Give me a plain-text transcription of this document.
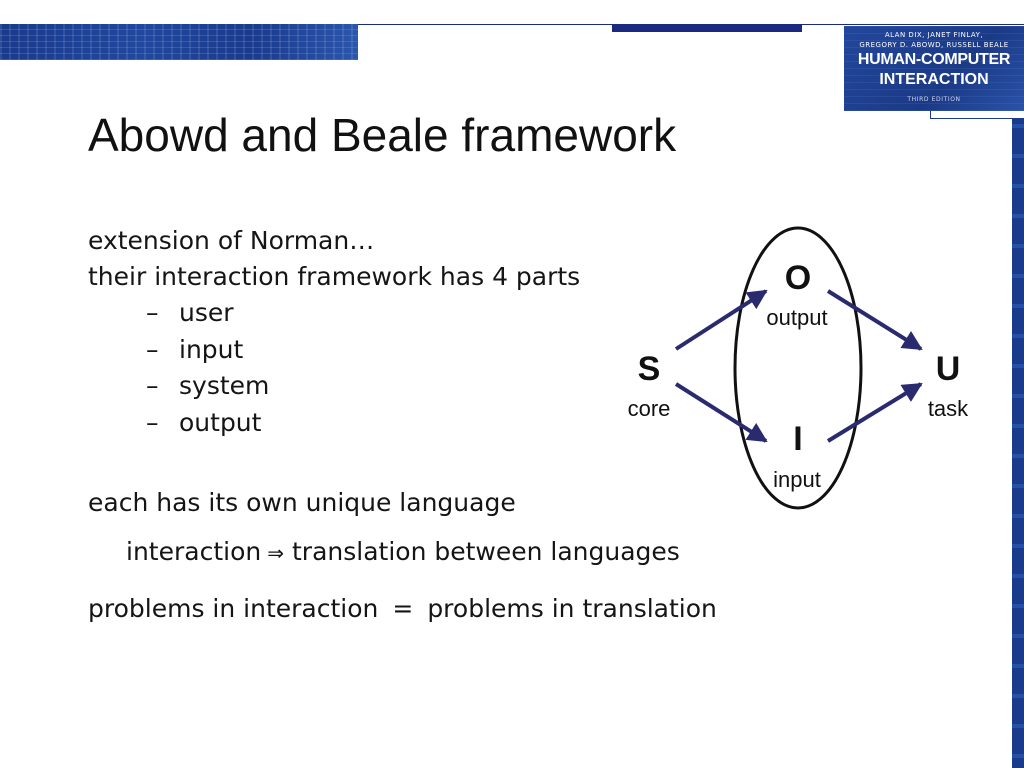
ALAN DIX, JANET FINLAY,
GREGORY D. ABOWD, RUSSELL BEALE
HUMAN-COMPUTER
INTERACTION
THIRD EDITION
Abowd and Beale framework
extension of Norman…
their interaction framework has 4 parts
– user
– input
– system
– output
each has its own unique language
interaction ⇒ translation between languages
problems in interaction = problems in translation
O
output
S
core
U
task
I
input
